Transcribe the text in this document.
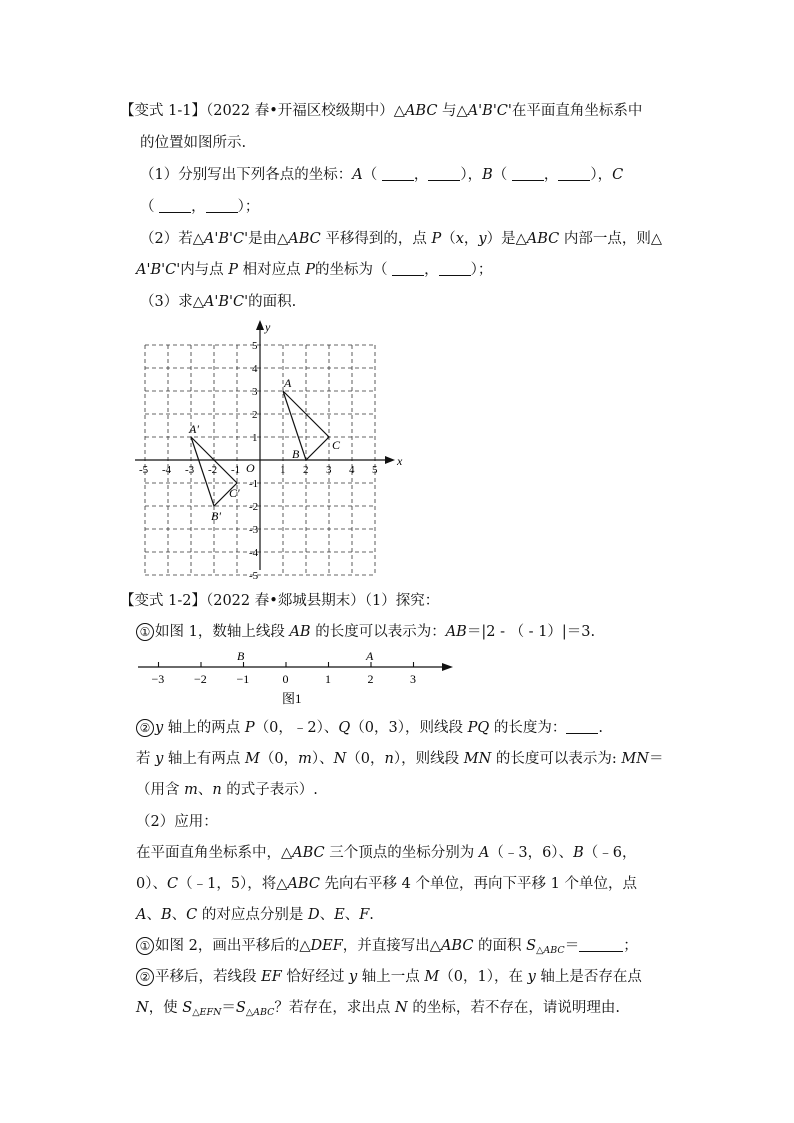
【变式 1-1】（2022 春•开福区校级期中）△ABC 与△A'B'C'在平面直角坐标系中
的位置如图所示.
（1）分别写出下列各点的坐标：A（ ， ），B（ ， ），C
（ ， ）；
（2）若△A'B'C'是由△ABC 平移得到的，点 P（x，y）是△ABC 内部一点，则△
A'B'C'内与点 P 相对应点 P的坐标为（	， ）；
（3）求△A'B'C'的面积.
x
y
O
-5 -4 -3 -2 -1	1 2 3 4 5
5
4
3
2
1
-1
-2
-3
-4
-5
A
B
C
A'
B'
C'
【变式 1-2】（2022 春•郯城县期末）（1）探究：
① 如图 1，数轴上线段 AB 的长度可以表示为：AB＝|2 - （ - 1）|＝3.
−3 −2 −1	0	1	2	3
B	A
图1
② y 轴上的两点 P（0，﹣2）、Q（0，3），则线段 PQ 的长度为： .
若 y 轴上有两点 M（0，m）、N（0，n），则线段 MN 的长度可以表示为: MN＝
（用含 m、n 的式子表示）.
（2）应用：
在平面直角坐标系中，△ABC 三个顶点的坐标分别为 A（﹣3，6）、B（﹣6，
0）、C（﹣1，5），将△ABC 先向右平移 4 个单位，再向下平移 1 个单位，点
A、B、C 的对应点分别是 D、E、F.
① 如图 2，画出平移后的△DEF，并直接写出△ABC 的面积 $S_{\triangle ABC}=$	；
② 平移后，若线段 EF 恰好经过 y 轴上一点 M（0，1），在 y 轴上是否存在点
N，使 $S_{\triangle EFN}=S_{\triangle ABC}$？若存在，求出点 N 的坐标，若不存在，请说明理由.
